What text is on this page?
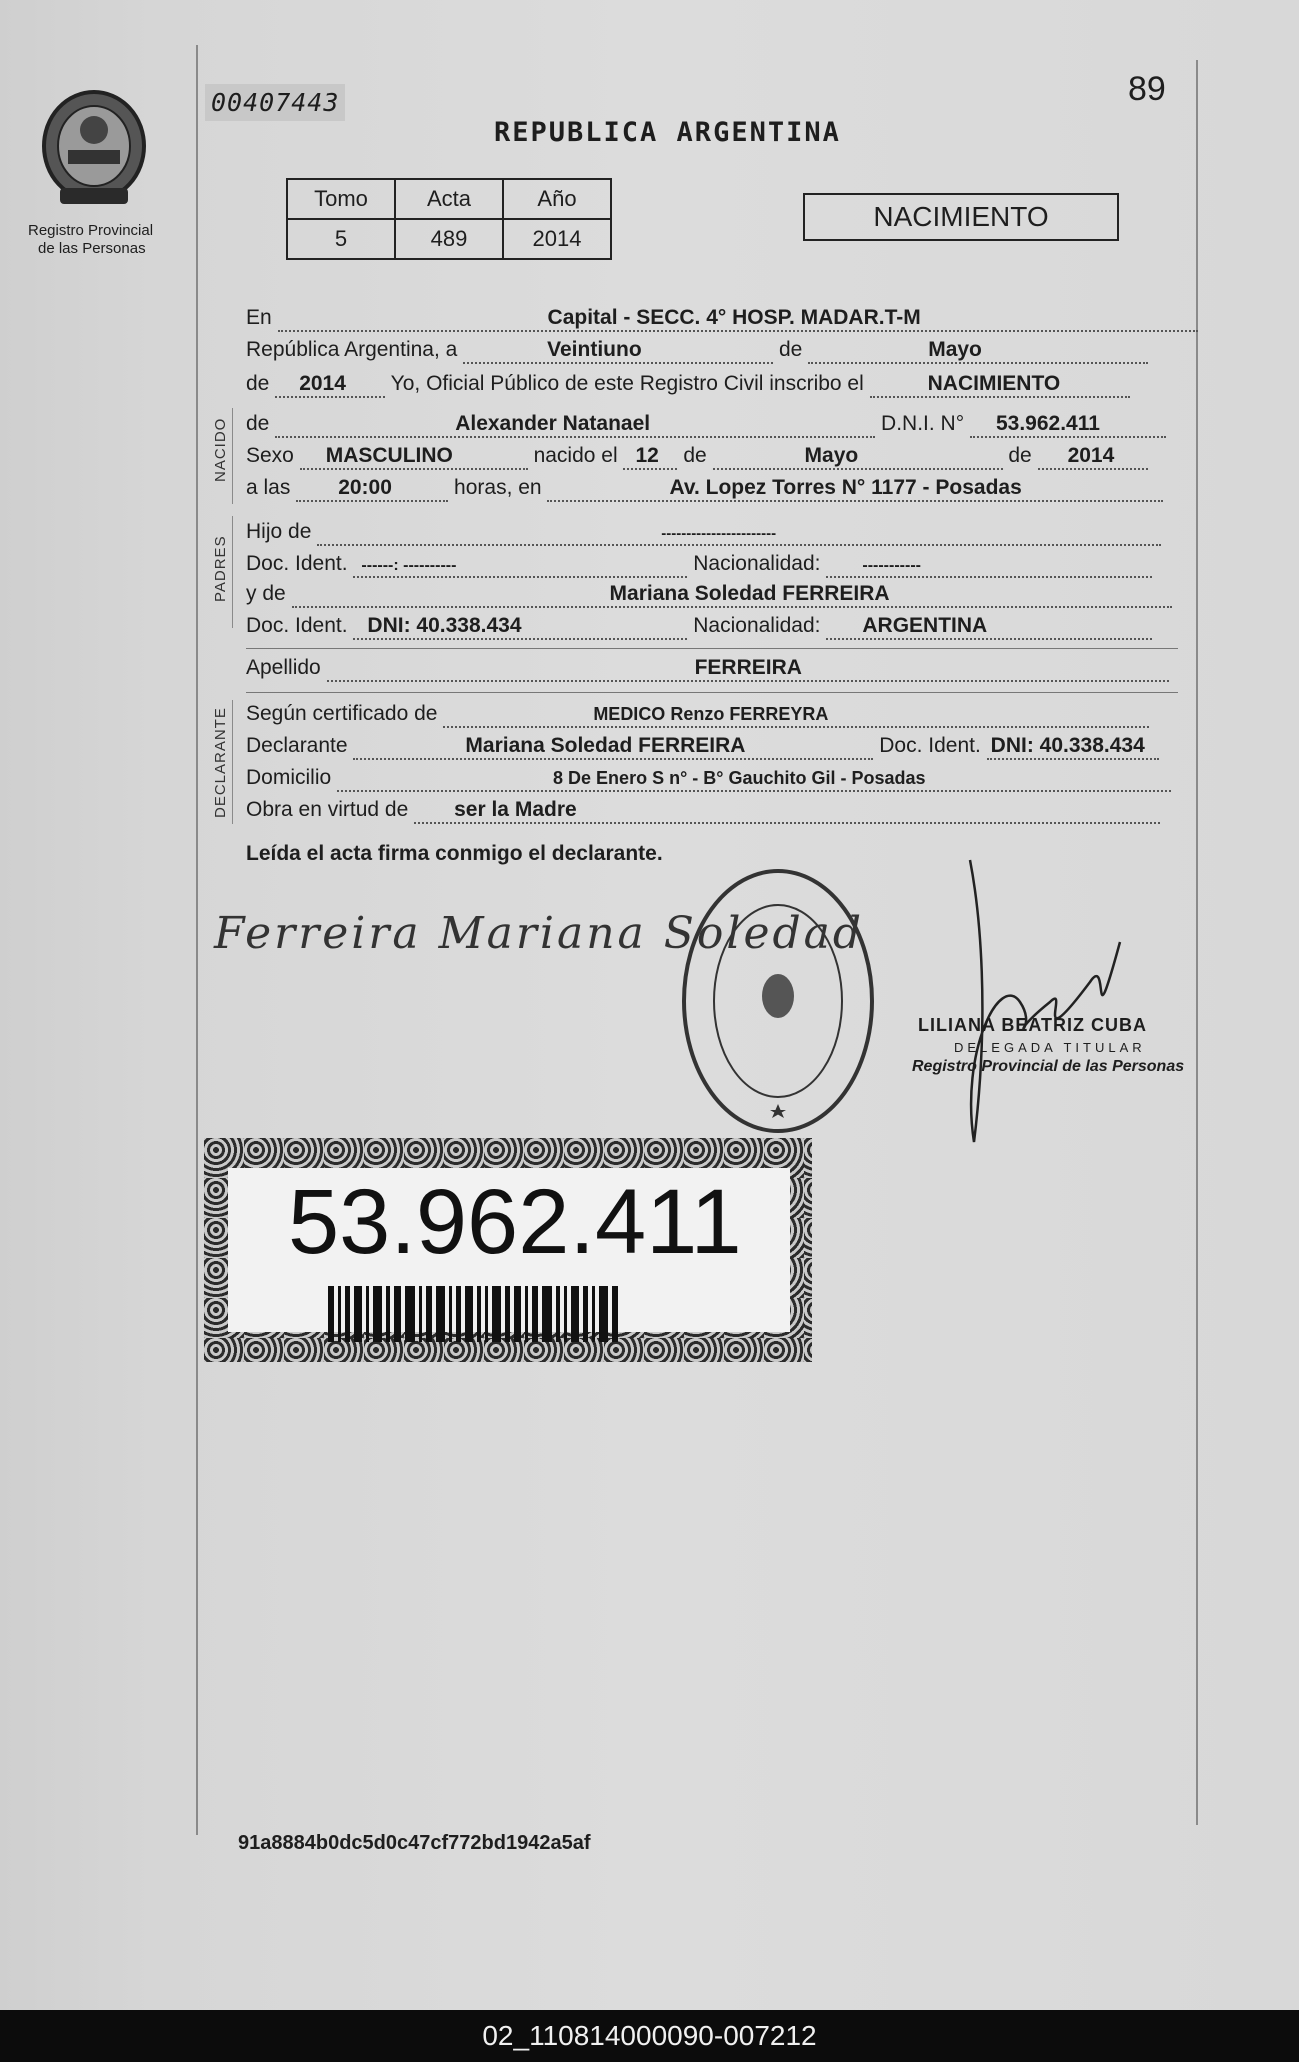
Registro Provincial
de las Personas
00407443
REPUBLICA ARGENTINA
89
Tomo	Acta	Año
5	489	2014
NACIMIENTO
En	Capital - SECC. 4° HOSP. MADAR.T-M
República Argentina, a	Veintiuno	de	Mayo
de 2014 Yo, Oficial Público de este Registro Civil inscribo el	NACIMIENTO
NACIDO de	Alexander Natanael	D.N.I. N° 53.962.411
Sexo MASCULINO	nacido el 12 de	Mayo	de 2014
a las 20:00	horas, en	Av. Lopez Torres N° 1177 - Posadas
PADRES
Hijo de	-----------------------
Doc. Ident. ------: ----------	Nacionalidad:	-----------
y de	Mariana Soledad FERREIRA
Doc. Ident. DNI: 40.338.434	Nacionalidad: ARGENTINA
Apellido	FERREIRA
DECLARANTE Según certificado de	MEDICO Renzo FERREYRA
Declarante	Mariana Soledad FERREIRA	Doc. Ident. DNI: 40.338.434
Domicilio	8 De Enero S n° - B° Gauchito Gil - Posadas
Obra en virtud de ser la Madre
Leída el acta firma conmigo el declarante.
Ferreira Mariana Soledad
LILIANA BEATRIZ CUBA
DELEGADA TITULAR
Registro Provincial de las Personas
53.962.411
91a8884b0dc5d0c47cf772bd1942a5af
02_110814000090-007212
